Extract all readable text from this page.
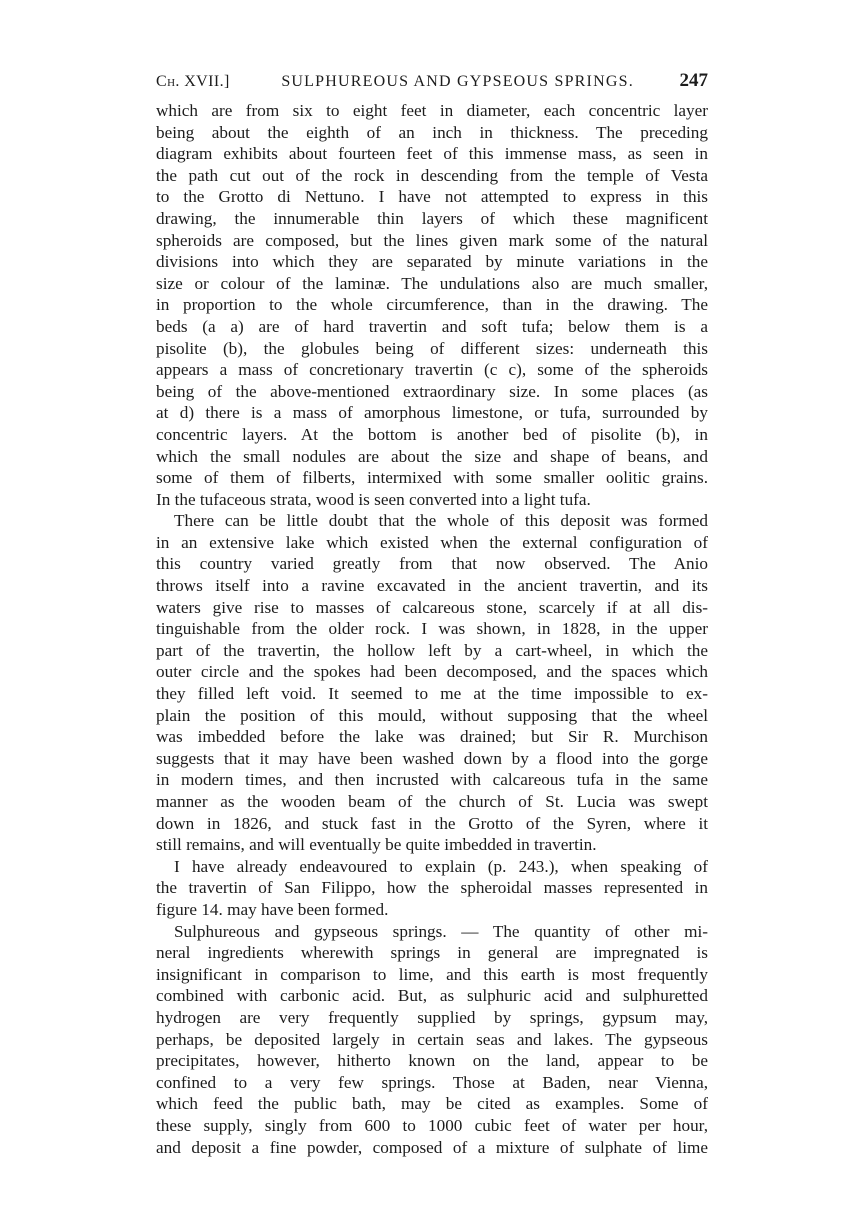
Ch. XVII.]	SULPHUREOUS AND GYPSEOUS SPRINGS.	247
which are from six to eight feet in diameter, each concentric layer
being about the eighth of an inch in thickness. The preceding
diagram exhibits about fourteen feet of this immense mass, as seen in
the path cut out of the rock in descending from the temple of Vesta
to the Grotto di Nettuno. I have not attempted to express in this
drawing, the innumerable thin layers of which these magnificent
spheroids are composed, but the lines given mark some of the natural
divisions into which they are separated by minute variations in the
size or colour of the laminæ. The undulations also are much smaller,
in proportion to the whole circumference, than in the drawing. The
beds (a a) are of hard travertin and soft tufa; below them is a
pisolite (b), the globules being of different sizes: underneath this
appears a mass of concretionary travertin (c c), some of the spheroids
being of the above-mentioned extraordinary size. In some places (as
at d) there is a mass of amorphous limestone, or tufa, surrounded by
concentric layers. At the bottom is another bed of pisolite (b), in
which the small nodules are about the size and shape of beans, and
some of them of filberts, intermixed with some smaller oolitic grains.
In the tufaceous strata, wood is seen converted into a light tufa.
There can be little doubt that the whole of this deposit was formed
in an extensive lake which existed when the external configuration of
this country varied greatly from that now observed. The Anio
throws itself into a ravine excavated in the ancient travertin, and its
waters give rise to masses of calcareous stone, scarcely if at all dis-
tinguishable from the older rock. I was shown, in 1828, in the upper
part of the travertin, the hollow left by a cart-wheel, in which the
outer circle and the spokes had been decomposed, and the spaces which
they filled left void. It seemed to me at the time impossible to ex-
plain the position of this mould, without supposing that the wheel
was imbedded before the lake was drained; but Sir R. Murchison
suggests that it may have been washed down by a flood into the gorge
in modern times, and then incrusted with calcareous tufa in the same
manner as the wooden beam of the church of St. Lucia was swept
down in 1826, and stuck fast in the Grotto of the Syren, where it
still remains, and will eventually be quite imbedded in travertin.
I have already endeavoured to explain (p. 243.), when speaking of
the travertin of San Filippo, how the spheroidal masses represented in
figure 14. may have been formed.
Sulphureous and gypseous springs. — The quantity of other mi-
neral ingredients wherewith springs in general are impregnated is
insignificant in comparison to lime, and this earth is most frequently
combined with carbonic acid. But, as sulphuric acid and sulphuretted
hydrogen are very frequently supplied by springs, gypsum may,
perhaps, be deposited largely in certain seas and lakes. The gypseous
precipitates, however, hitherto known on the land, appear to be
confined to a very few springs. Those at Baden, near Vienna,
which feed the public bath, may be cited as examples. Some of
these supply, singly from 600 to 1000 cubic feet of water per hour,
and deposit a fine powder, composed of a mixture of sulphate of lime
